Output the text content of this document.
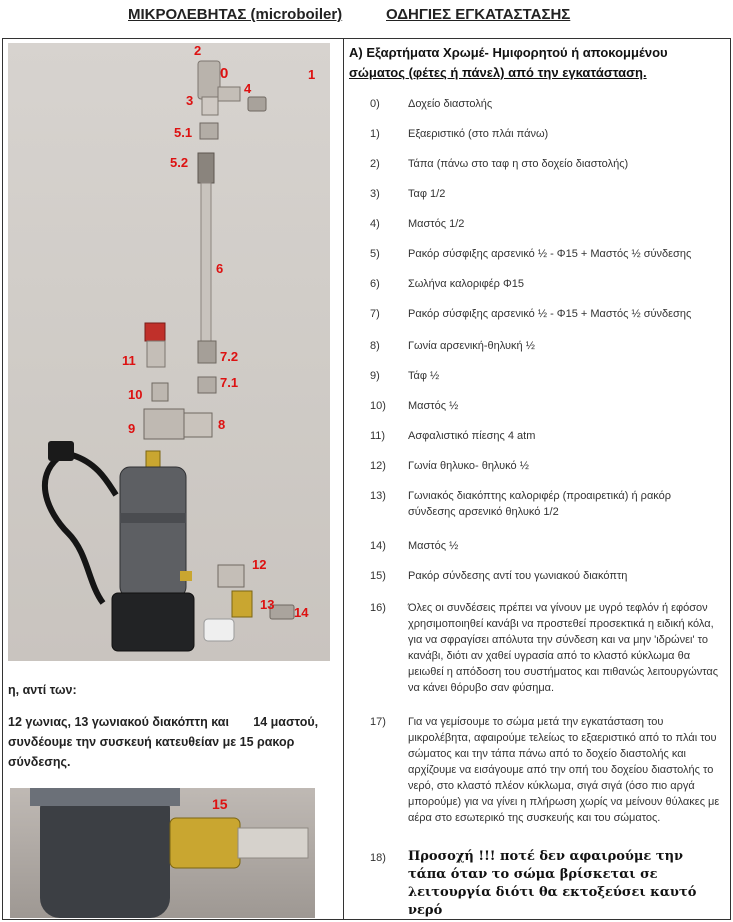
ΜΙΚΡΟΛΕΒΗΤΑΣ (microboiler)	ΟΔΗΓΙΕΣ ΕΓΚΑΤΑΣΤΑΣΗΣ
2
0	1
3
4
5.1
5.2
6
11	7.2
7.1
10
9	8
12
13
14
η, αντί των:
12 γωνιας, 13 γωνιακού διακόπτη και       14 μαστού,
συνδέουμε την συσκευή κατευθείαν με 15 ρακορ
σύνδεσης.
15
Α) Εξαρτήματα Χρωμέ- Ημιφορητού ή αποκομμένου
σώματος (φέτες ή πάνελ) από την εγκατάσταση.
0)	Δοχείο διαστολής
1)	Εξαεριστικό (στο πλάι πάνω)
2)	Τάπα (πάνω στο ταφ η στο δοχείο διαστολής)
3)	Ταφ 1/2
4)	Μαστός 1/2
5)	Ρακόρ σύσφιξης αρσενικό ½ - Φ15 + Μαστός ½ σύνδεσης
6)	Σωλήνα καλοριφέρ Φ15
7)	Ρακόρ σύσφιξης αρσενικό ½ - Φ15 + Μαστός ½ σύνδεσης
8)	Γωνία αρσενική-θηλυκή ½
9)	Τάφ ½
10)	Μαστός ½
11)	Ασφαλιστικό πίεσης 4 atm
12)	Γωνία θηλυκο- θηλυκό ½
13)	Γωνιακός διακόπτης καλοριφέρ (προαιρετικά) ή ρακόρ σύνδεσης αρσενικό θηλυκό 1/2
14)	Μαστός ½
15)	Ρακόρ σύνδεσης αντί του γωνιακού διακόπτη
16)	Όλες οι συνδέσεις πρέπει να γίνουν με υγρό τεφλόν ή εφόσον χρησιμοποιηθεί κανάβι να προστεθεί προσεκτικά η ειδική κόλα, για να σφραγίσει απόλυτα την σύνδεση και να μην 'ιδρώνει' το κανάβι, διότι αν χαθεί υγρασία από το κλαστό κύκλωμα θα μειωθεί η απόδοση του συστήματος και πιθανώς λειτουργώντας να κάνει θόρυβο σαν φύσημα.
17)	Για να γεμίσουμε το σώμα μετά την εγκατάσταση του μικρολέβητα, αφαιρούμε τελείως το εξαεριστικό από το πλάι του σώματος και την τάπα πάνω από το δοχείο διαστολής και αρχίζουμε να εισάγουμε από την οπή του δοχείου διαστολής το νερό, στο κλαστό πλέον κύκλωμα, σιγά σιγά (όσο πιο αργά μπορούμε) για να γίνει η πλήρωση χωρίς να μείνουν θύλακες με αέρα στο εσωτερικό της συσκευής και του σώματος.
18)	Προσοχή !!! ποτέ δεν αφαιρούμε την τάπα όταν το σώμα βρίσκεται σε λειτουργία διότι θα εκτοξεύσει καυτό νερό
